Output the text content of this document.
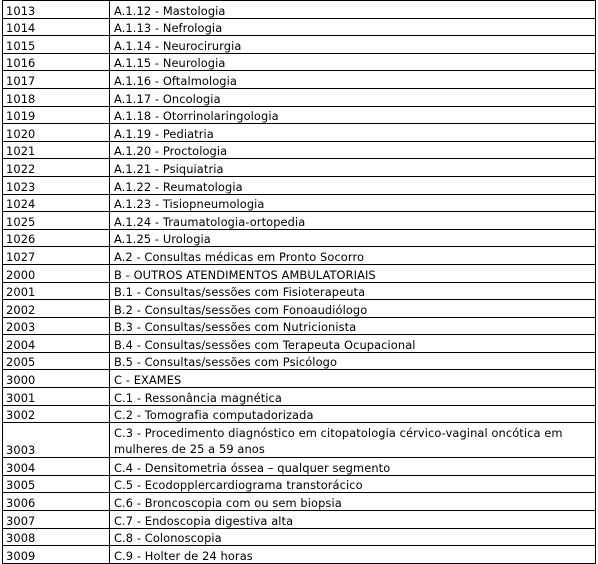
1013	A.1.12 - Mastologia
1014	A.1.13 - Nefrologia
1015	A.1.14 - Neurocirurgia
1016	A.1.15 - Neurologia
1017	A.1.16 - Oftalmologia
1018	A.1.17 - Oncologia
1019	A.1.18 - Otorrinolaringologia
1020	A.1.19 - Pediatria
1021	A.1.20 - Proctologia
1022	A.1.21 - Psiquiatria
1023	A.1.22 - Reumatologia
1024	A.1.23 - Tisiopneumologia
1025	A.1.24 - Traumatologia-ortopedia
1026	A.1.25 - Urologia
1027	A.2 - Consultas médicas em Pronto Socorro
2000	B - OUTROS ATENDIMENTOS AMBULATORIAIS
2001	B.1 - Consultas/sessões com Fisioterapeuta
2002	B.2 - Consultas/sessões com Fonoaudiólogo
2003	B.3 - Consultas/sessões com Nutricionista
2004	B.4 - Consultas/sessões com Terapeuta Ocupacional
2005	B.5 - Consultas/sessões com Psicólogo
3000	C - EXAMES
3001	C.1 - Ressonância magnética
3002	C.2 - Tomografia computadorizada
3003	C.3 - Procedimento diagnóstico em citopatologia cérvico-vaginal oncótica em mulheres de 25 a 59 anos
3004	C.4 - Densitometria óssea – qualquer segmento
3005	C.5 - Ecodopplercardiograma transtorácico
3006	C.6 - Broncoscopia com ou sem biopsia
3007	C.7 - Endoscopia digestiva alta
3008	C.8 - Colonoscopia
3009	C.9 - Holter de 24 horas
